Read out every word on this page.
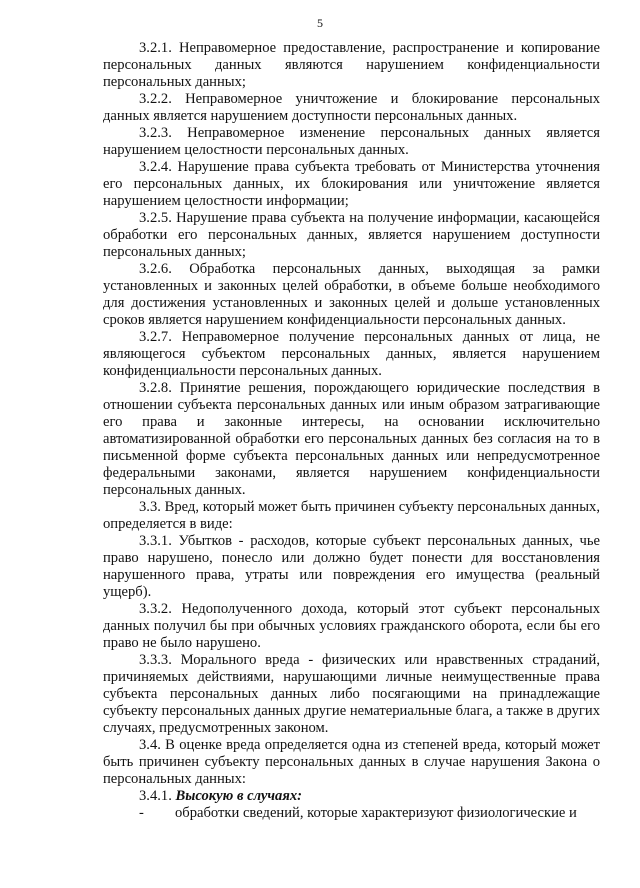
5

3.2.1. Неправомерное предоставление, распространение и копирование персональных данных являются нарушением конфиденциальности персональных данных;

3.2.2. Неправомерное уничтожение и блокирование персональных данных является нарушением доступности персональных данных.

3.2.3. Неправомерное изменение персональных данных является нарушением целостности персональных данных.

3.2.4. Нарушение права субъекта требовать от Министерства уточнения его персональных данных, их блокирования или уничтожение является нарушением целостности информации;

3.2.5. Нарушение права субъекта на получение информации, касающейся обработки его персональных данных, является нарушением доступности персональных данных;

3.2.6. Обработка персональных данных, выходящая за рамки установленных и законных целей обработки, в объеме больше необходимого для достижения установленных и законных целей и дольше установленных сроков является нарушением конфиденциальности персональных данных.

3.2.7. Неправомерное получение персональных данных от лица, не являющегося субъектом персональных данных, является нарушением конфиденциальности персональных данных.

3.2.8. Принятие решения, порождающего юридические последствия в отношении субъекта персональных данных или иным образом затрагивающие его права и законные интересы, на основании исключительно автоматизированной обработки его персональных данных без согласия на то в письменной форме субъекта персональных данных или непредусмотренное федеральными законами, является нарушением конфиденциальности персональных данных.

3.3. Вред, который может быть причинен субъекту персональных данных, определяется в виде:

3.3.1. Убытков - расходов, которые субъект персональных данных, чье право нарушено, понесло или должно будет понести для восстановления нарушенного права, утраты или повреждения его имущества (реальный ущерб).

3.3.2. Недополученного дохода, который этот субъект персональных данных получил бы при обычных условиях гражданского оборота, если бы его право не было нарушено.

3.3.3. Морального вреда - физических или нравственных страданий, причиняемых действиями, нарушающими личные неимущественные права субъекта персональных данных либо посягающими на принадлежащие субъекту персональных данных другие нематериальные блага, а также в других случаях, предусмотренных законом.

3.4. В оценке вреда определяется одна из степеней вреда, который может быть причинен субъекту персональных данных в случае нарушения Закона о персональных данных:

3.4.1. Высокую в случаях:

- обработки сведений, которые характеризуют физиологические и
